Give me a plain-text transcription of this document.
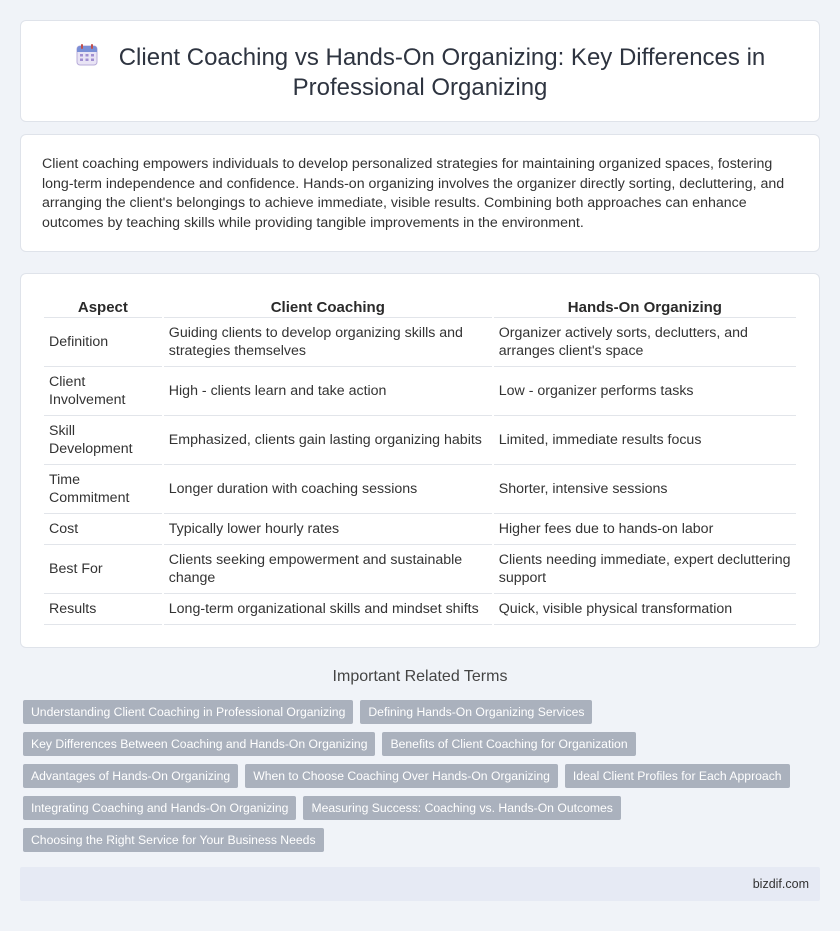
Client Coaching vs Hands-On Organizing: Key Differences in Professional Organizing

Client coaching empowers individuals to develop personalized strategies for maintaining organized spaces, fostering long-term independence and confidence. Hands-on organizing involves the organizer directly sorting, decluttering, and arranging the client's belongings to achieve immediate, visible results. Combining both approaches can enhance outcomes by teaching skills while providing tangible improvements in the environment.

Aspect	Client Coaching	Hands-On Organizing
Definition	Guiding clients to develop organizing skills and strategies themselves	Organizer actively sorts, declutters, and arranges client's space
Client Involvement	High - clients learn and take action	Low - organizer performs tasks
Skill Development	Emphasized, clients gain lasting organizing habits	Limited, immediate results focus
Time Commitment	Longer duration with coaching sessions	Shorter, intensive sessions
Cost	Typically lower hourly rates	Higher fees due to hands-on labor
Best For	Clients seeking empowerment and sustainable change	Clients needing immediate, expert decluttering support
Results	Long-term organizational skills and mindset shifts	Quick, visible physical transformation
Important Related Terms
Understanding Client Coaching in Professional Organizing	Defining Hands-On Organizing Services
Key Differences Between Coaching and Hands-On Organizing	Benefits of Client Coaching for Organization
Advantages of Hands-On Organizing	When to Choose Coaching Over Hands-On Organizing	Ideal Client Profiles for Each Approach
Integrating Coaching and Hands-On Organizing	Measuring Success: Coaching vs. Hands-On Outcomes
Choosing the Right Service for Your Business Needs
bizdif.com
